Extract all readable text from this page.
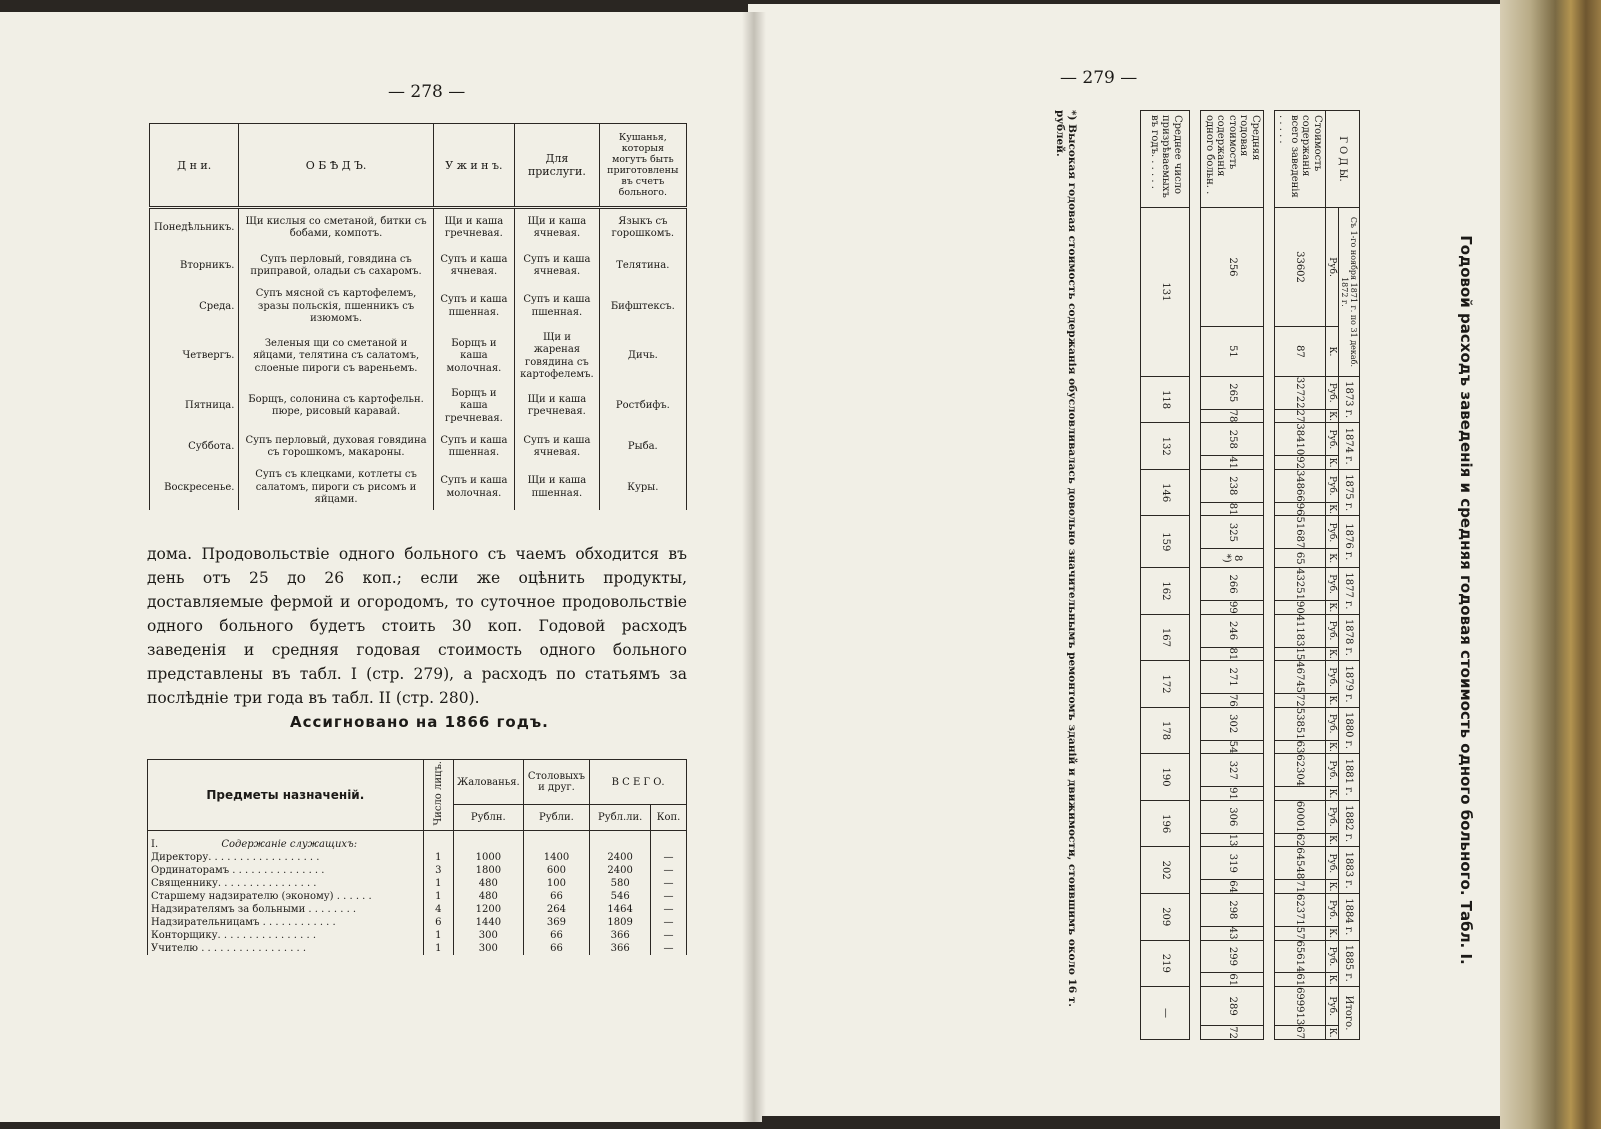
— 278 —
Д н и.	О Б Ѣ Д Ъ.	У ж и н ъ.	Для прислуги.	Кушанья, которыя могутъ быть приготовлены въ счетъ больного.
Понедѣльникъ.	Щи кислыя со сметаной, битки съ бобами, компотъ.	Щи и каша гречневая.	Щи и каша ячневая.	Языкъ съ горошкомъ.
Вторникъ.	Супъ перловый, говядина съ приправой, оладьи съ сахаромъ.	Супъ и каша ячневая.	Супъ и каша ячневая.	Телятина.
Среда.	Супъ мясной съ картофелемъ, зразы польскія, пшенникъ съ изюмомъ.	Супъ и каша пшенная.	Супъ и каша пшенная.	Бифштексъ.
Четвергъ.	Зеленыя щи со сметаной и яйцами, телятина съ салатомъ, слоеные пироги съ вареньемъ.	Борщъ и каша молочная.	Щи и жареная говядина съ картофелемъ.	Дичь.
Пятница.	Борщъ, солонина съ картофельн. пюре, рисовый каравай.	Борщъ и каша гречневая.	Щи и каша гречневая.	Ростбифъ.
Суббота.	Супъ перловый, духовая говядина съ горошкомъ, макароны.	Супъ и каша пшенная.	Супъ и каша ячневая.	Рыба.
Воскресенье.	Супъ съ клецками, котлеты съ салатомъ, пироги съ рисомъ и яйцами.	Супъ и каша молочная.	Щи и каша пшенная.	Куры.
дома. Продовольствіе одного больного съ чаемъ обходится въ день отъ 25 до 26 коп.; если же оцѣнить продукты, доставляемые фермой и огородомъ, то суточное продовольствіе одного больного будетъ стоить 30 коп. Годовой расходъ заведенія и средняя годовая стоимость одного больного представлены въ табл. I (стр. 279), а расходъ по статьямъ за послѣдніе три года въ табл. II (стр. 280).
Ассигновано на 1866 годъ.
Предметы назначеній.	Число лицъ.	Жалованья.	Столовыхъ и друг.	В С Е Г О.	
		Рублн.	Рубли.	Рубл.ли.	Коп.
I. Содержаніе служащихъ:					
Директору. . . . . . . . . . . . . . . . . .	1	1000	1400	2400	—
Ординаторамъ . . . . . . . . . . . . . . .	3	1800	600	2400	—
Священнику. . . . . . . . . . . . . . . .	1	480	100	580	—
Старшему надзирателю (эконому) . . . . . .	1	480	66	546	—
Надзирателямъ за больными . . . . . . . .	4	1200	264	1464	—
Надзирательницамъ . . . . . . . . . . . .	6	1440	369	1809	—
Конторщику. . . . . . . . . . . . . . . .	1	300	66	366	—
Учителю . . . . . . . . . . . . . . . . .	1	300	66	366	—
— 279 —
Годовой расходъ заведенія и средняя годовая стоимость одного больного. Табл. I.
Г О Д Ы.	Съ 1-го ноября 1871 г. по 31 декаб. 1872 г.		1873 г.		1874 г.		1875 г.		1876 г.		1877 г.		1878 г.		1879 г.		1880 г.		1881 г.		1882 г.		1883 г.		1884 г.		1885 г.		Итого.	
	Руб.	К.	Руб.	К.	Руб.	К.	Руб.	К.	Руб.	К.	Руб.	К.	Руб.	К.	Руб.	К.	Руб.	К.	Руб.	К.	Руб.	К.	Руб.	К.	Руб.	К.	Руб.	К.	Руб.	К.
Стоимость содержанія всего заведенія . . . . .	33602	87	32722	27	38410	92	34866	96	51687	65	43251	90	41183	15	46745	72	53851	63	62304		60001	62	64548	71	62371	57	65614	61	699913	67

Средняя годовая стоимость содержанія одного больн. .	256	51	265	78	258	41	238	81	325	8 *)	266	99	246	81	271	76	302	54	327	91	306	13	319	64	298	43	299	61	289	72

Среднее число призрѣваемыхъ въ годъ. . . . . .	131		118		132		146		159		162		167		172		178		190		196		202		209		219		—	
*) Высокая годовая стоимость содержанія обусловливалась довольно значительнымъ ремонтомъ зданій и движимости, стоившимъ около 16 т. рублей.
